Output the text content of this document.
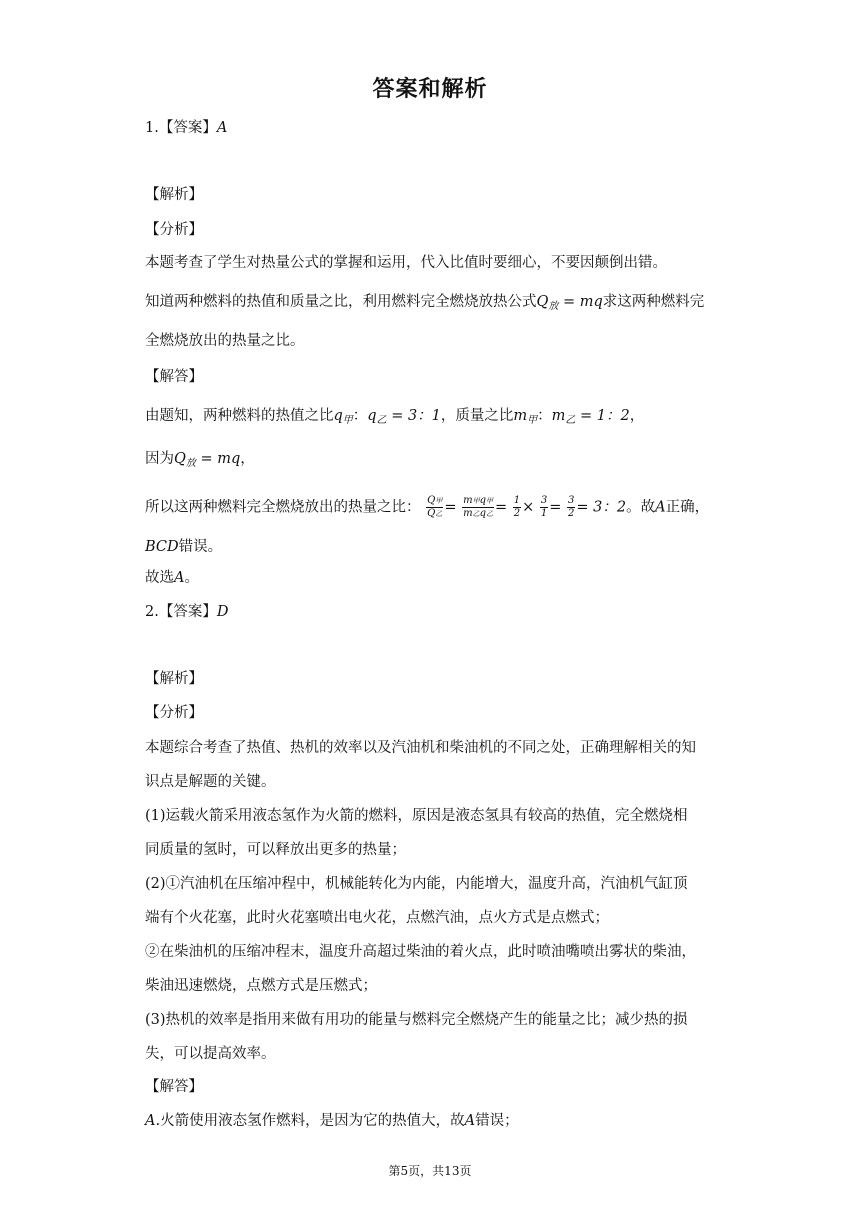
答案和解析
1.【答案】A
【解析】
【分析】
本题考查了学生对热量公式的掌握和运用，代入比值时要细心，不要因颠倒出错。
知道两种燃料的热值和质量之比，利用燃料完全燃烧放热公式$Q_放$ = mq求这两种燃料完
全燃烧放出的热量之比。
【解答】
由题知，两种燃料的热值之比$q_甲$：$q_乙 = 3$：1，质量之比$m_甲$：$m_乙 = 1$：2，
因为$Q_放$ = mq，
所以这两种燃料完全燃烧放出的热量之比： $\frac{\text{Q甲}}{\text{Q乙}} = \frac{\text{m甲q甲}}{\text{m乙q乙}} = \frac{1}{2} \times \frac{3}{1} = \frac{3}{2} = 3$：2。故A正确，
BCD错误。
故选A。
2.【答案】D
【解析】
【分析】
本题综合考查了热值、热机的效率以及汽油机和柴油机的不同之处，正确理解相关的知
识点是解题的关键。
(1)运载火箭采用液态氢作为火箭的燃料，原因是液态氢具有较高的热值，完全燃烧相
同质量的氢时，可以释放出更多的热量；
(2)①汽油机在压缩冲程中，机械能转化为内能，内能增大，温度升高，汽油机气缸顶
端有个火花塞，此时火花塞喷出电火花，点燃汽油，点火方式是点燃式；
②在柴油机的压缩冲程末，温度升高超过柴油的着火点，此时喷油嘴喷出雾状的柴油，
柴油迅速燃烧，点燃方式是压燃式；
(3)热机的效率是指用来做有用功的能量与燃料完全燃烧产生的能量之比；减少热的损
失，可以提高效率。
【解答】
A.火箭使用液态氢作燃料，是因为它的热值大，故A错误；
第5页，共13页
